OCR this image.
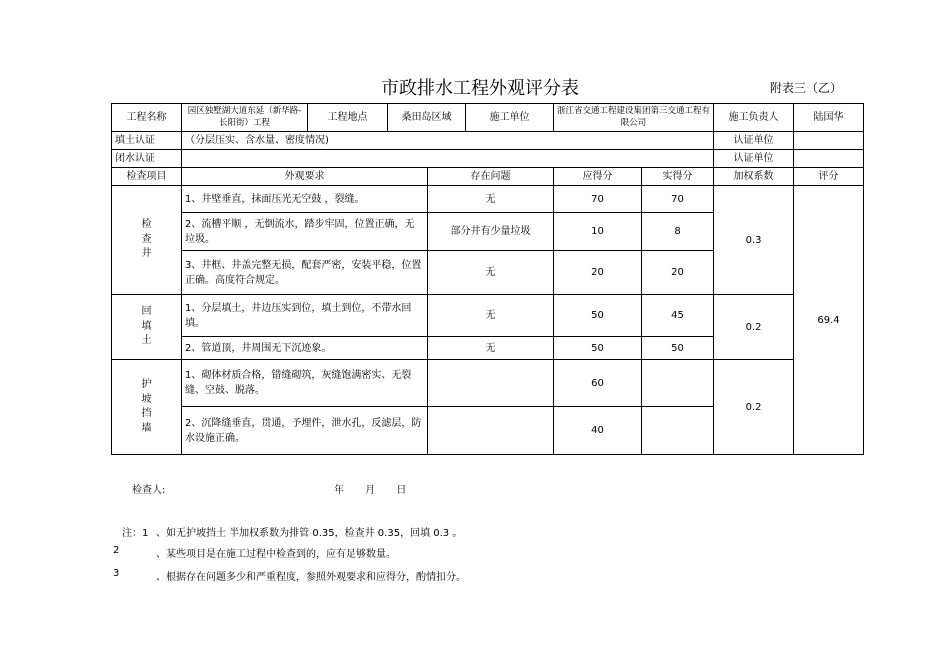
市政排水工程外观评分表	附表三（乙）
工程名称	园区独墅湖大道东延（新华路-长阳街）工程	工程地点	桑田岛区域		施工单位	浙江省交通工程建设集团第三交通工程有限公司		施工负责人	陆国华
填土认证	（分层压实、含水量、密度情况)							认证单位	
闭水认证								认证单位	
检查项目	外观要求			存在问题		应得分	实得分	加权系数	评分
检
查
井	1、井壁垂直，抹面压光无空鼓 ，裂缝。			无		70	70	0.3	69.4
	2、流槽平顺 ，无倒流水，踏步牢固，位置正确，无垃圾。			部分井有少量垃圾		10	8		
	3、井框、井盖完整无损，配套严密，安装平稳，位置正确。高度符合规定。			无		20	20		
回
填
土	1、分层填土，井边压实到位，填土到位，不带水回填。			无		50	45	0.2	
	2、管道顶，井周围无下沉迹象。			无		50	50		
护
坡
挡
墙	1、砌体材质合格，错缝砌筑，灰缝饱满密实、无裂缝、空鼓、脱落。					60		0.2	
	2、沉降缝垂直，贯通，予埋件，泄水孔，反滤层，防水设施正确。					40			
检查人:	年 月 日
注：1 、如无护坡挡土 半加权系数为排管 0.35，检查井 0.35，回填 0.3 。
2	、某些项目是在施工过程中检查到的，应有足够数量。
3	、根据存在问题多少和严重程度，参照外观要求和应得分，酌情扣分。
